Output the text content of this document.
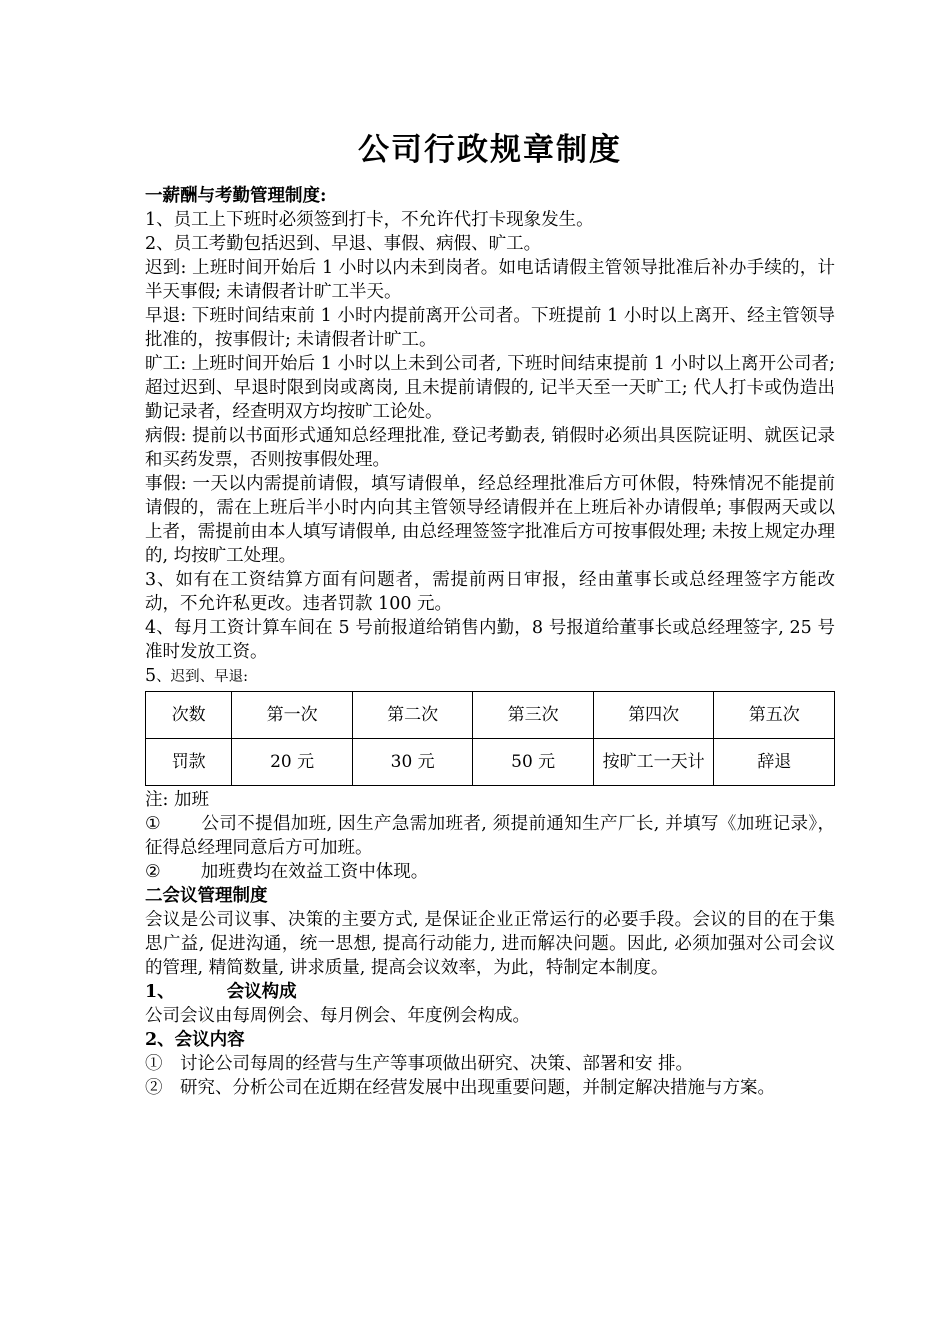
公司行政规章制度
一薪酬与考勤管理制度:

1、员工上下班时必须签到打卡，不允许代打卡现象发生。

2、员工考勤包括迟到、早退、事假、病假、旷工。

迟到: 上班时间开始后 1 小时以内未到岗者。如电话请假主管领导批准后补办手续的，计半天事假; 未请假者计旷工半天。

早退: 下班时间结束前 1 小时内提前离开公司者。下班提前 1 小时以上离开、经主管领导批准的，按事假计; 未请假者计旷工。

旷工: 上班时间开始后 1 小时以上未到公司者, 下班时间结束提前 1 小时以上离开公司者; 超过迟到、早退时限到岗或离岗, 且未提前请假的, 记半天至一天旷工; 代人打卡或伪造出勤记录者，经查明双方均按旷工论处。

病假: 提前以书面形式通知总经理批准, 登记考勤表, 销假时必须出具医院证明、就医记录和买药发票，否则按事假处理。

事假: 一天以内需提前请假，填写请假单，经总经理批准后方可休假，特殊情况不能提前请假的，需在上班后半小时内向其主管领导经请假并在上班后补办请假单; 事假两天或以上者，需提前由本人填写请假单, 由总经理签签字批准后方可按事假处理; 未按上规定办理的, 均按旷工处理。

3、如有在工资结算方面有问题者，需提前两日审报，经由董事长或总经理签字方能改动，不允许私更改。违者罚款 100 元。

4、每月工资计算车间在 5 号前报道给销售内勤，8 号报道给董事长或总经理签字, 25 号准时发放工资。

5、迟到、早退:

次数	第一次	第二次	第三次	第四次	第五次
罚款	20 元	30 元	50 元	按旷工一天计	辞退

注: 加班

① 公司不提倡加班, 因生产急需加班者, 须提前通知生产厂长, 并填写《加班记录》，征得总经理同意后方可加班。

② 加班费均在效益工资中体现。

二会议管理制度

会议是公司议事、决策的主要方式, 是保证企业正常运行的必要手段。会议的目的在于集思广益, 促进沟通，统一思想, 提高行动能力, 进而解决问题。因此, 必须加强对公司会议的管理, 精简数量, 讲求质量, 提高会议效率，为此，特制定本制度。

1、	会议构成

公司会议由每周例会、每月例会、年度例会构成。

2、会议内容

①　讨论公司每周的经营与生产等事项做出研究、决策、部署和安 排。

②　研究、分析公司在近期在经营发展中出现重要问题，并制定解决措施与方案。
